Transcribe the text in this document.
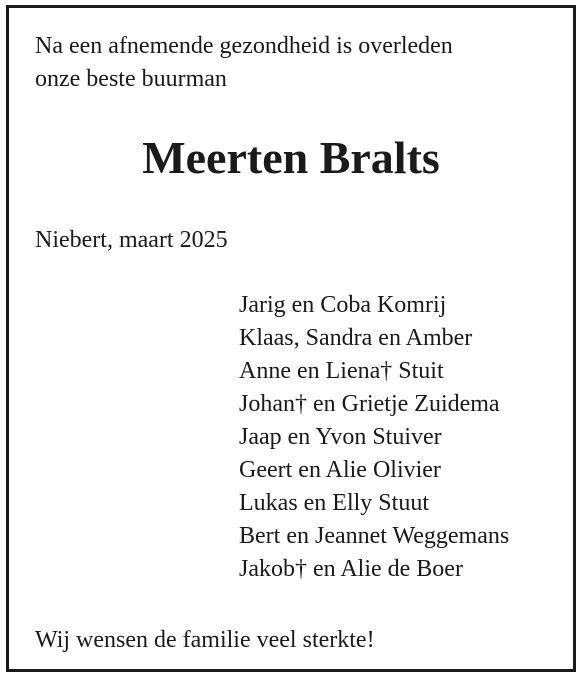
Na een afnemende gezondheid is overleden
onze beste buurman
Meerten Bralts
Niebert, maart 2025
Jarig en Coba Komrij
Klaas, Sandra en Amber
Anne en Liena† Stuit
Johan† en Grietje Zuidema
Jaap en Yvon Stuiver
Geert en Alie Olivier
Lukas en Elly Stuut
Bert en Jeannet Weggemans
Jakob† en Alie de Boer
Wij wensen de familie veel sterkte!
